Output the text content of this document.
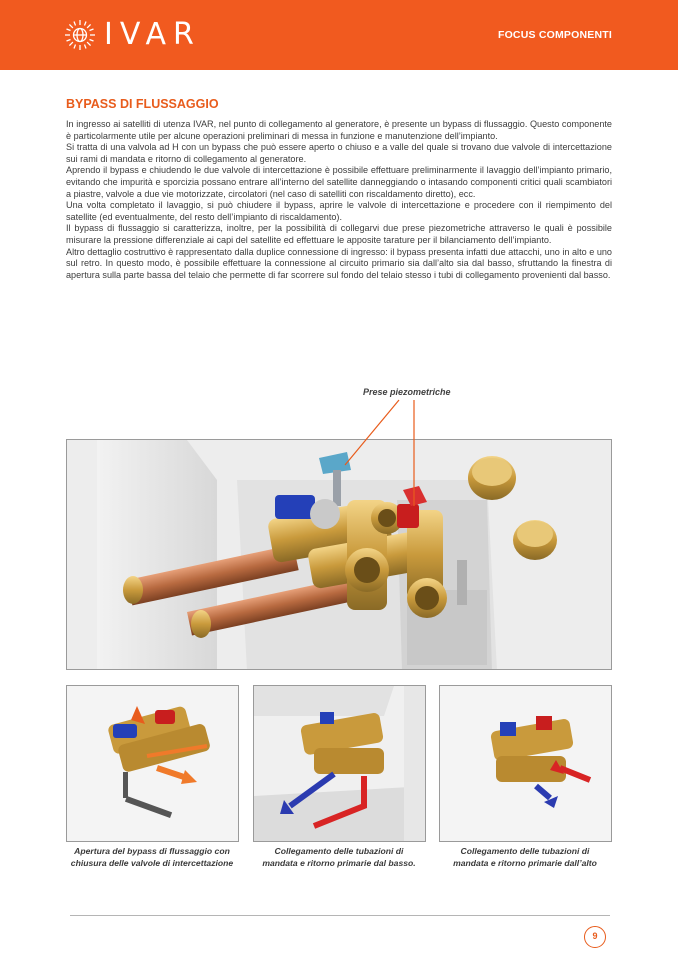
IVAR	FOCUS COMPONENTI
BYPASS DI FLUSSAGGIO

In ingresso ai satelliti di utenza IVAR, nel punto di collegamento al generatore, è presente un bypass di flussaggio. Questo componente è particolarmente utile per alcune operazioni preliminari di messa in funzione e manutenzione dell’impianto.

Si tratta di una valvola ad H con un bypass che può essere aperto o chiuso e a valle del quale si trovano due valvole di intercettazione sui rami di mandata e ritorno di collegamento al generatore.

Aprendo il bypass e chiudendo le due valvole di intercettazione è possibile effettuare preliminarmente il lavaggio dell’impianto primario, evitando che impurità e sporcizia possano entrare all’interno del satellite danneggiando o intasando componenti critici quali scambiatori a piastre, valvole a due vie motorizzate, circolatori (nel caso di satelliti con riscaldamento diretto), ecc.

Una volta completato il lavaggio, si può chiudere il bypass, aprire le valvole di intercettazione e procedere con il riempimento del satellite (ed eventualmente, del resto dell’impianto di riscaldamento).

Il bypass di flussaggio si caratterizza, inoltre, per la possibilità di collegarvi due prese piezometriche attraverso le quali è possibile misurare la pressione differenziale ai capi del satellite ed effettuare le apposite tarature per il bilanciamento dell’impianto.

Altro dettaglio costruttivo è rappresentato dalla duplice connessione di ingresso: il bypass presenta infatti due attacchi, uno in alto e uno sul retro. In questo modo, è possibile effettuare la connessione al circuito primario sia dall’alto sia dal basso, sfruttando la finestra di apertura sulla parte bassa del telaio che permette di far scorrere sul fondo del telaio stesso i tubi di collegamento provenienti dal basso.

Prese piezometriche
Apertura del bypass di flussaggio con
chiusura delle valvole di intercettazione
Collegamento delle tubazioni di
mandata e ritorno primarie dal basso.
Collegamento delle tubazioni di
mandata e ritorno primarie dall’alto
9
